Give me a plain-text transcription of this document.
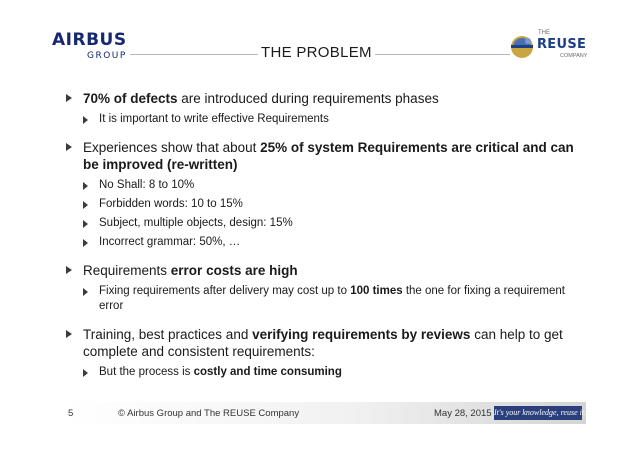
AIRBUS
GROUP	THE PROBLEM
THE
REUSE
COMPANY
70% of defects are introduced during requirements phases
It is important to write effective Requirements
Experiences show that about 25% of system Requirements are critical and can be improved (re-written)
No Shall: 8 to 10%
Forbidden words: 10 to 15%
Subject, multiple objects, design: 15%
Incorrect grammar: 50%, …
Requirements error costs are high
Fixing requirements after delivery may cost up to 100 times the one for fixing a requirement error
Training, best practices and verifying requirements by reviews can help to get complete and consistent requirements:
But the process is costly and time consuming
5	© Airbus Group and The REUSE Company	May 28, 2015 It's your knowledge, reuse it.
